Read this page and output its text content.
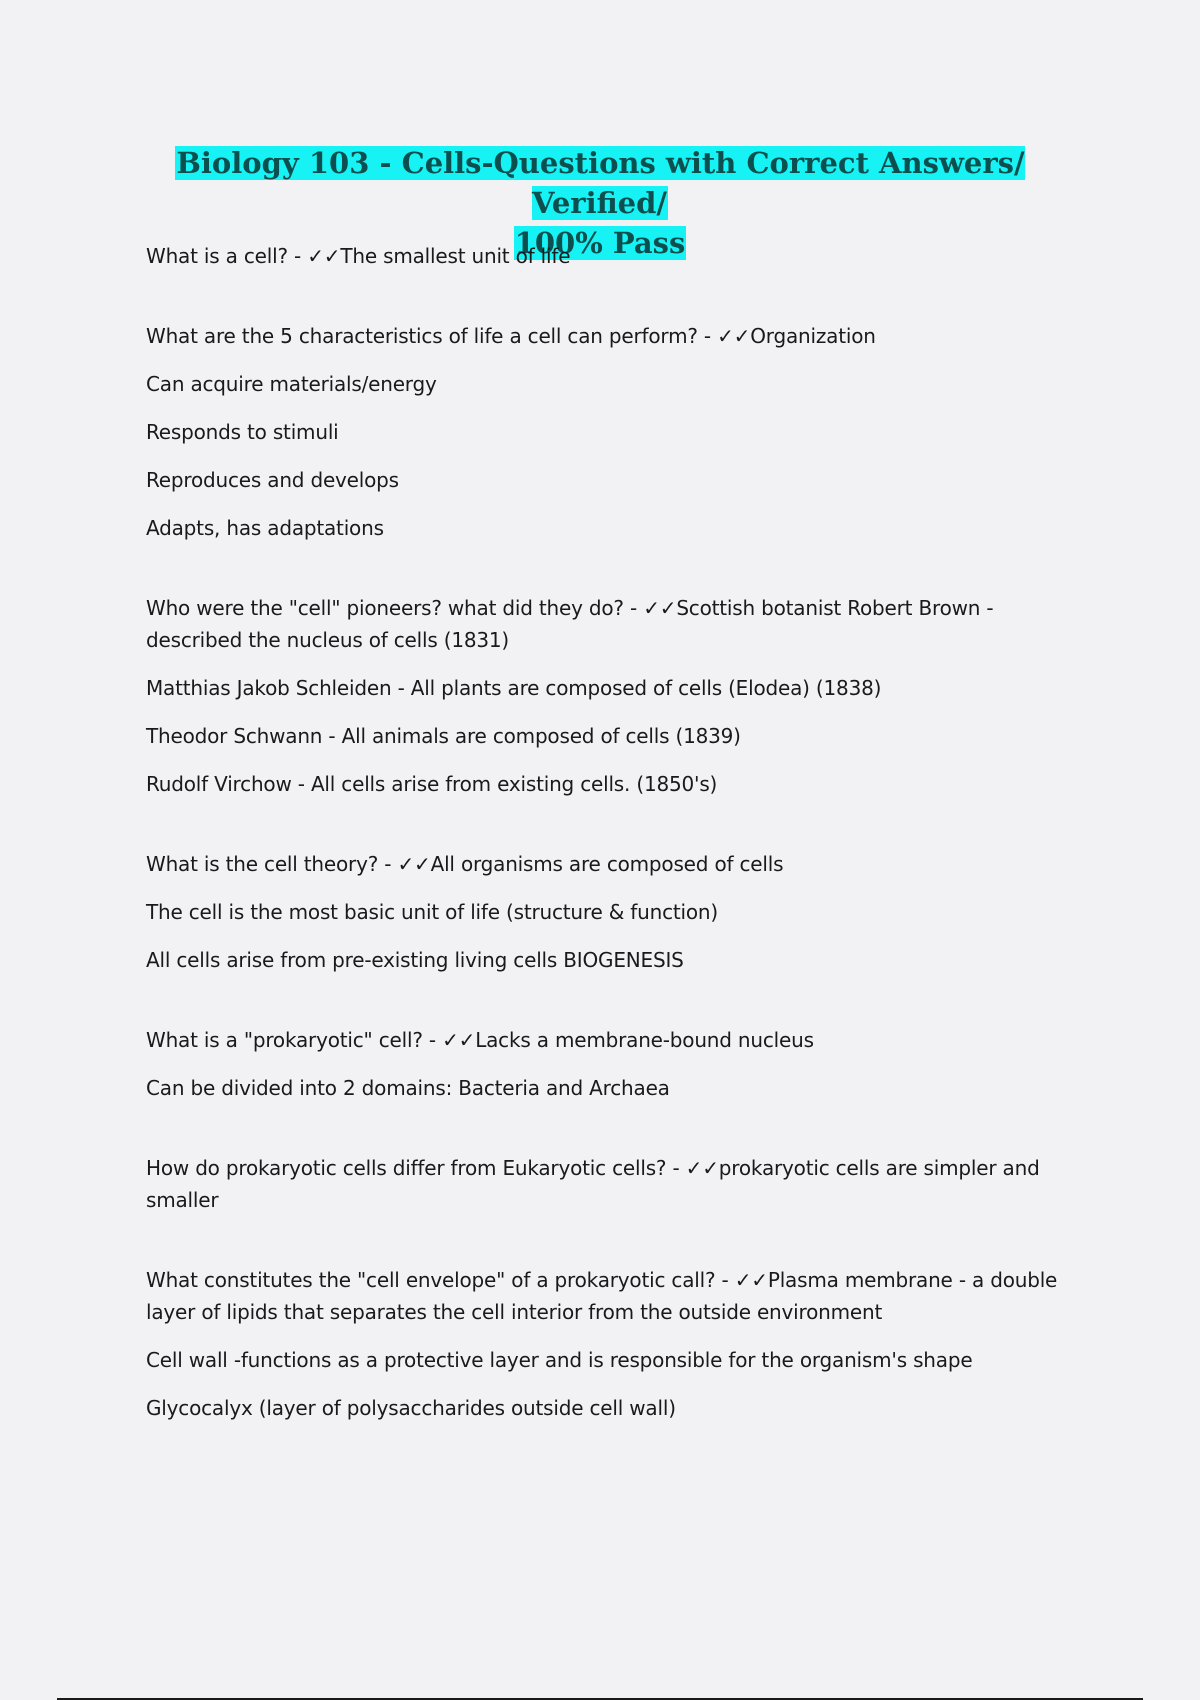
Biology 103 - Cells-Questions with Correct Answers/ Verified/
100% Pass
What is a cell? - ✓✓The smallest unit of life
What are the 5 characteristics of life a cell can perform? - ✓✓Organization
Can acquire materials/energy
Responds to stimuli
Reproduces and develops
Adapts, has adaptations
Who were the "cell" pioneers? what did they do? - ✓✓Scottish botanist Robert Brown - described the nucleus of cells (1831)
Matthias Jakob Schleiden - All plants are composed of cells (Elodea) (1838)
Theodor Schwann - All animals are composed of cells (1839)
Rudolf Virchow - All cells arise from existing cells. (1850's)
What is the cell theory? - ✓✓All organisms are composed of cells
The cell is the most basic unit of life (structure & function)
All cells arise from pre-existing living cells BIOGENESIS
What is a "prokaryotic" cell? - ✓✓Lacks a membrane-bound nucleus
Can be divided into 2 domains: Bacteria and Archaea
How do prokaryotic cells differ from Eukaryotic cells? - ✓✓prokaryotic cells are simpler and smaller
What constitutes the "cell envelope" of a prokaryotic call? - ✓✓Plasma membrane - a double layer of lipids that separates the cell interior from the outside environment
Cell wall -functions as a protective layer and is responsible for the organism's shape
Glycocalyx (layer of polysaccharides outside cell wall)
